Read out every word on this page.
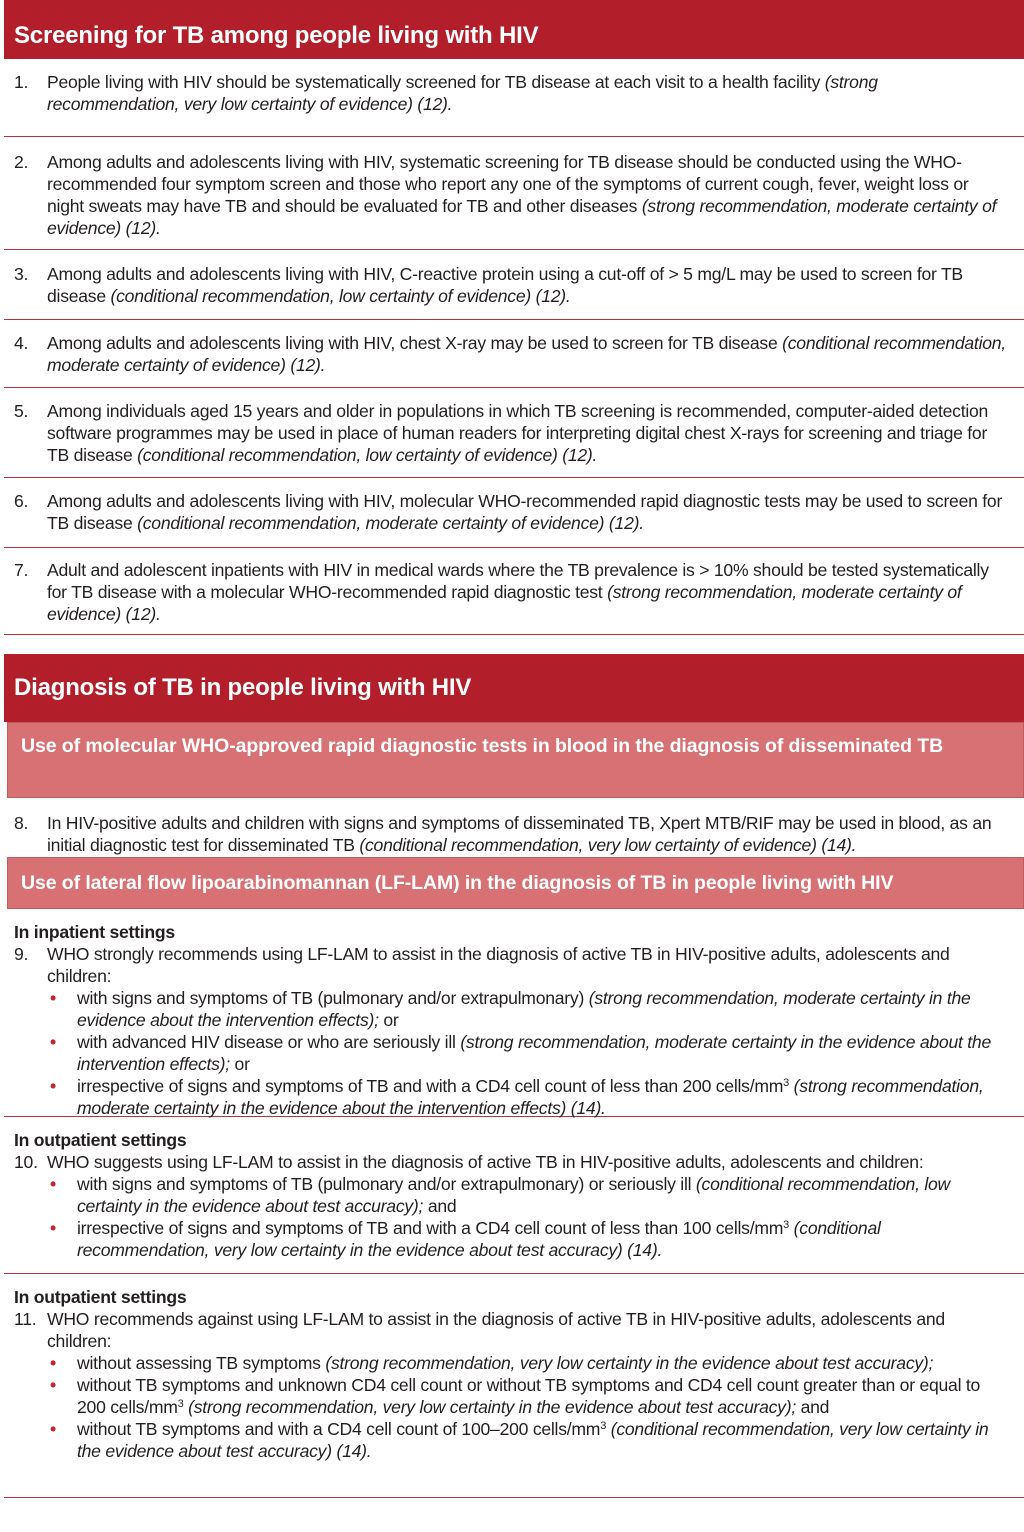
Screening for TB among people living with HIV
1.	People living with HIV should be systematically screened for TB disease at each visit to a health facility (strong recommendation, very low certainty of evidence) (12).
2.	Among adults and adolescents living with HIV, systematic screening for TB disease should be conducted using the WHO-recommended four symptom screen and those who report any one of the symptoms of current cough, fever, weight loss or night sweats may have TB and should be evaluated for TB and other diseases (strong recommendation, moderate certainty of evidence) (12).
3.	Among adults and adolescents living with HIV, C-reactive protein using a cut-off of > 5 mg/L may be used to screen for TB disease (conditional recommendation, low certainty of evidence) (12).
4.	Among adults and adolescents living with HIV, chest X-ray may be used to screen for TB disease (conditional recommendation, moderate certainty of evidence) (12).
5.	Among individuals aged 15 years and older in populations in which TB screening is recommended, computer-aided detection software programmes may be used in place of human readers for interpreting digital chest X-rays for screening and triage for TB disease (conditional recommendation, low certainty of evidence) (12).
6.	Among adults and adolescents living with HIV, molecular WHO-recommended rapid diagnostic tests may be used to screen for TB disease (conditional recommendation, moderate certainty of evidence) (12).
7.	Adult and adolescent inpatients with HIV in medical wards where the TB prevalence is > 10% should be tested systematically for TB disease with a molecular WHO-recommended rapid diagnostic test (strong recommendation, moderate certainty of evidence) (12).
Diagnosis of TB in people living with HIV
Use of molecular WHO-approved rapid diagnostic tests in blood in the diagnosis of disseminated TB
8.	In HIV-positive adults and children with signs and symptoms of disseminated TB, Xpert MTB/RIF may be used in blood, as an initial diagnostic test for disseminated TB (conditional recommendation, very low certainty of evidence) (14).
Use of lateral flow lipoarabinomannan (LF-LAM) in the diagnosis of TB in people living with HIV
In inpatient settings
9.	WHO strongly recommends using LF-LAM to assist in the diagnosis of active TB in HIV-positive adults, adolescents and children:
• with signs and symptoms of TB (pulmonary and/or extrapulmonary) (strong recommendation, moderate certainty in the evidence about the intervention effects); or
• with advanced HIV disease or who are seriously ill (strong recommendation, moderate certainty in the evidence about the intervention effects); or
• irrespective of signs and symptoms of TB and with a CD4 cell count of less than 200 cells/$mm^3$ (strong recommendation, moderate certainty in the evidence about the intervention effects) (14).
In outpatient settings
10. WHO suggests using LF-LAM to assist in the diagnosis of active TB in HIV-positive adults, adolescents and children:
• with signs and symptoms of TB (pulmonary and/or extrapulmonary) or seriously ill (conditional recommendation, low certainty in the evidence about test accuracy); and
• irrespective of signs and symptoms of TB and with a CD4 cell count of less than 100 cells/$mm^3$ (conditional recommendation, very low certainty in the evidence about test accuracy) (14).
In outpatient settings
11. WHO recommends against using LF-LAM to assist in the diagnosis of active TB in HIV-positive adults, adolescents and children:
• without assessing TB symptoms (strong recommendation, very low certainty in the evidence about test accuracy);
• without TB symptoms and unknown CD4 cell count or without TB symptoms and CD4 cell count greater than or equal to 200 cells/$mm^3$ (strong recommendation, very low certainty in the evidence about test accuracy); and
• without TB symptoms and with a CD4 cell count of 100–200 cells/$mm^3$ (conditional recommendation, very low certainty in the evidence about test accuracy) (14).
